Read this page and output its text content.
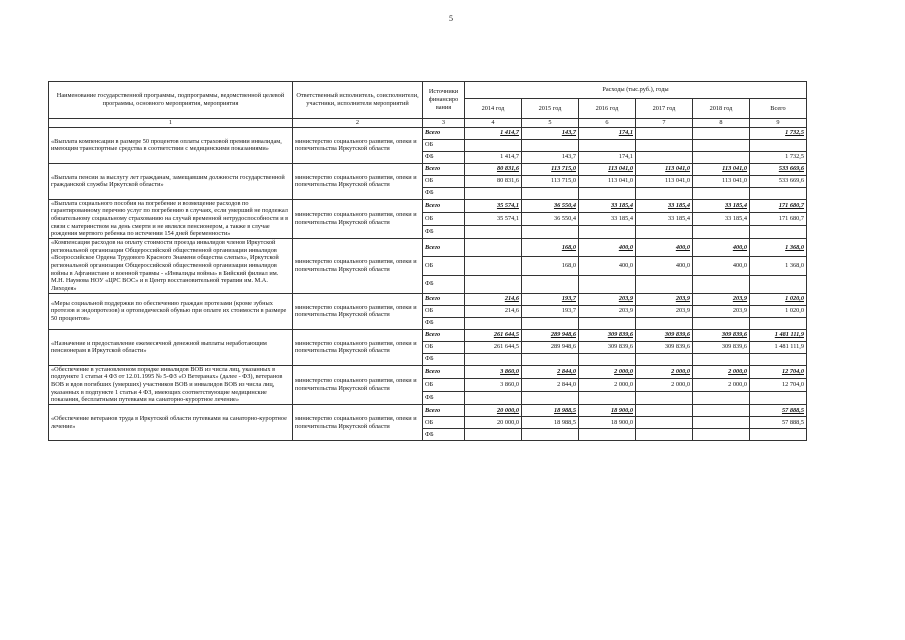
5
Наименование государственной программы, подпрограммы, ведомственной целевой программы, основного мероприятия, мероприятия	Ответственный исполнитель, соисполнители, участники, исполнители мероприятий	Источники финансиро вания	Расходы (тыс.руб.), годы					
			2014 год	2015 год	2016 год	2017 год	2018 год	Всего
1	2	3	4	5	6	7	8	9
«Выплата компенсации в размере 50 процентов оплаты страховой премии инвалидам, имеющим транспортные средства в соответствии с медицинскими показаниями»	министерство социального развития, опеки и попечительства Иркутской области	Всего	1 414,7	143,7	174,1			1 732,5
		ОБ						
		ФБ	1 414,7	143,7	174,1			1 732,5
«Выплата пенсии за выслугу лет гражданам, замещавшим должности государственной гражданской службы Иркутской области»	министерство социального развития, опеки и попечительства Иркутской области	Всего	80 831,6	113 715,0	113 041,0	113 041,0	113 041,0	533 669,6
		ОБ	80 831,6	113 715,0	113 041,0	113 041,0	113 041,0	533 669,6
		ФБ						
«Выплата социального пособия на погребение и возмещение расходов по гарантированному перечню услуг по погребению в случаях, если умерший не подлежал обязательному социальному страхованию на случай временной нетрудоспособности и в связи с материнством на день смерти и не являлся пенсионером, а также в случае рождения мертвого ребенка по истечении 154 дней беременности»	министерство социального развития, опеки и попечительства Иркутской области	Всего	35 574,1	36 550,4	33 185,4	33 185,4	33 185,4	171 680,7
		ОБ	35 574,1	36 550,4	33 185,4	33 185,4	33 185,4	171 680,7
		ФБ						
«Компенсация расходов на оплату стоимости проезда инвалидов членов Иркутской региональной организации Общероссийской общественной организации инвалидов «Всероссийское Ордена Трудового Красного Знамени общества слепых», Иркутской региональной организации Общероссийской общественной организации инвалидов войны в Афганистане и военной травмы - «Инвалиды войны» в Бийский филиал им. М.Н. Наумова НОУ «ЦРС ВОС» и в Центр восстановительной терапии им. М.А. Лиходея»	министерство социального развития, опеки и попечительства Иркутской области	Всего		168,0	400,0	400,0	400,0	1 368,0
		ОБ		168,0	400,0	400,0	400,0	1 368,0
		ФБ						
«Меры социальной поддержки по обеспечению граждан протезами (кроме зубных протезов и эндопротезов) и ортопедической обувью при оплате их стоимости в размере 50 процентов»	министерство социального развития, опеки и попечительства Иркутской области	Всего	214,6	193,7	203,9	203,9	203,9	1 020,0
		ОБ	214,6	193,7	203,9	203,9	203,9	1 020,0
		ФБ						
«Назначение и предоставление ежемесячной денежной выплаты неработающим пенсионерам в Иркутской области»	министерство социального развития, опеки и попечительства Иркутской области	Всего	261 644,5	289 948,6	309 839,6	309 839,6	309 839,6	1 481 111,9
		ОБ	261 644,5	289 948,6	309 839,6	309 839,6	309 839,6	1 481 111,9
		ФБ						
«Обеспечение в установленном порядке инвалидов ВОВ из числа лиц, указанных в подпункте 1 статьи 4 ФЗ от 12.01.1995 № 5-ФЗ «О Ветеранах» (далее - ФЗ), ветеранов ВОВ и вдов погибших (умерших) участников ВОВ и инвалидов ВОВ из числа лиц, указанных в подпункте 1 статьи 4 ФЗ, имеющих соответствующие медицинские показания, бесплатными путевками на санаторно-курортное лечение»	министерство социального развития, опеки и попечительства Иркутской области	Всего	3 860,0	2 844,0	2 000,0	2 000,0	2 000,0	12 704,0
		ОБ	3 860,0	2 844,0	2 000,0	2 000,0	2 000,0	12 704,0
		ФБ						
«Обеспечение ветеранов труда в Иркутской области путевками на санаторно-курортное лечение»	министерство социального развития, опеки и попечительства Иркутской области	Всего	20 000,0	18 988,5	18 900,0			57 888,5
		ОБ	20 000,0	18 988,5	18 900,0			57 888,5
		ФБ						
